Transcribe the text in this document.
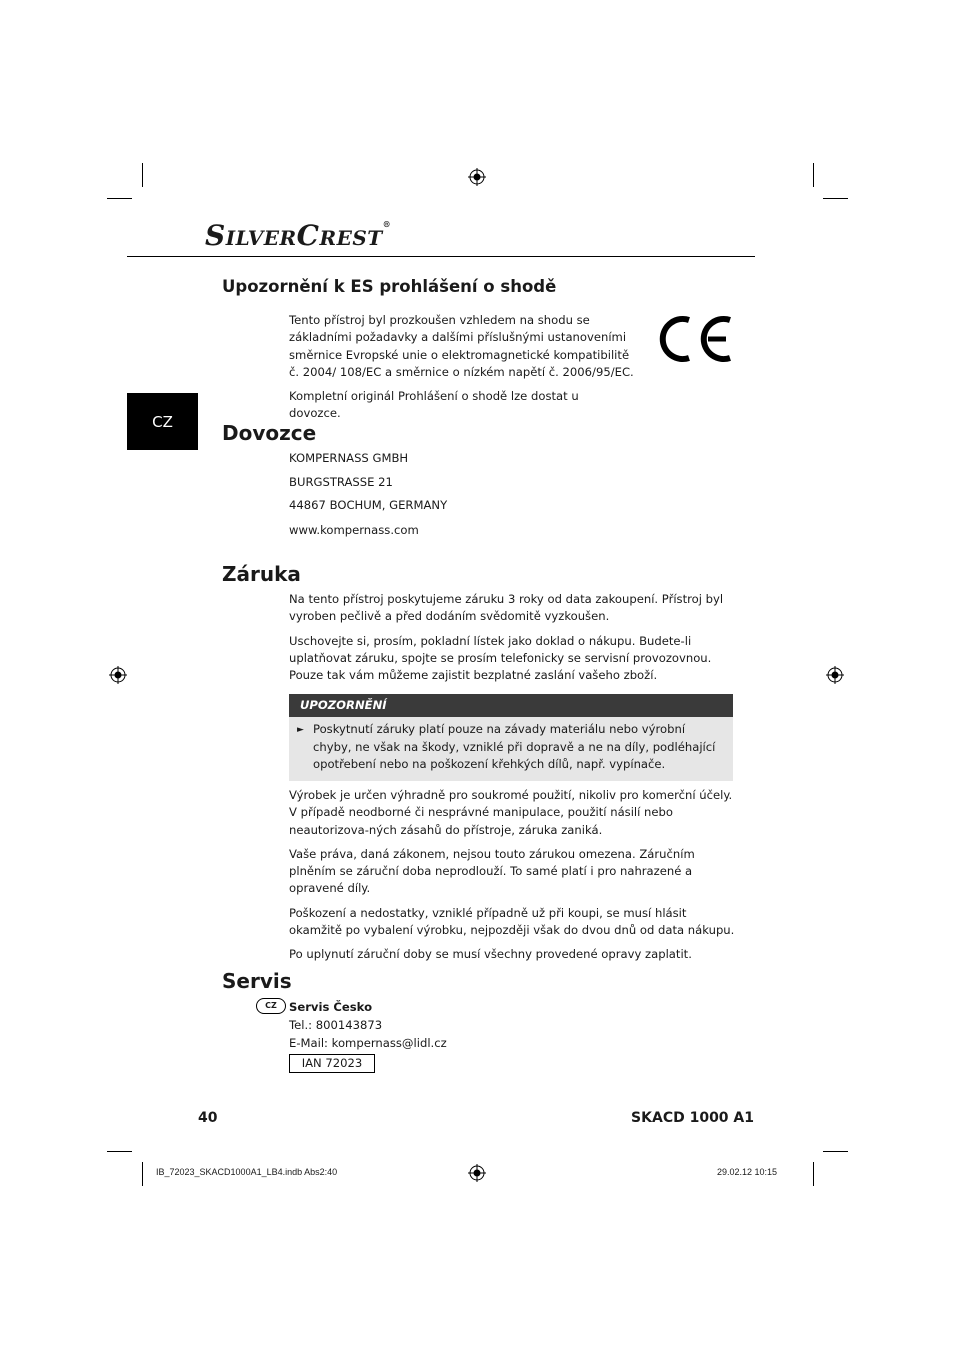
SILVERCREST®
CZ
Upozornění k ES prohlášení o shodě

Tento přístroj byl prozkoušen vzhledem na shodu se základními požadavky a dalšími příslušnými ustanoveními směrnice Evropské unie o elektromagnetické kompatibilitě č. 2004/ 108/EC a směrnice o nízkém napětí č. 2006/95/EC.

Kompletní originál Prohlášení o shodě lze dostat u dovozce.

Dovozce
KOMPERNASS GMBH
BURGSTRASSE 21
44867 BOCHUM, GERMANY
www.kompernass.com
Záruka

Na tento přístroj poskytujeme záruku 3 roky od data zakoupení. Přístroj byl vyroben pečlivě a před dodáním svědomitě vyzkoušen.

Uschovejte si, prosím, pokladní lístek jako doklad o nákupu. Budete-li uplatňovat záruku, spojte se prosím telefonicky se servisní provozovnou. Pouze tak vám můžeme zajistit bezplatné zaslání vašeho zboží.

UPOZORNĚNÍ
► Poskytnutí záruky platí pouze na závady materiálu nebo výrobní chyby, ne však na škody, vzniklé při dopravě a ne na díly, podléhající opotřebení nebo na poškození křehkých dílů, např. vypínače.

Výrobek je určen výhradně pro soukromé použití, nikoliv pro komerční účely. V případě neodborné či nesprávné manipulace, použití násilí nebo neautorizova-ných zásahů do přístroje, záruka zaniká.

Vaše práva, daná zákonem, nejsou touto zárukou omezena. Záručním plněním se záruční doba neprodlouží. To samé platí i pro nahrazené a opravené díly.

Poškození a nedostatky, vzniklé případně už při koupi, se musí hlásit okamžitě po vybalení výrobku, nejpozději však do dvou dnů od data nákupu.

Po uplynutí záruční doby se musí všechny provedené opravy zaplatit.

Servis
CZ	Servis Česko
Tel.: 800143873
E-Mail: kompernass@lidl.cz
IAN 72023
40	SKACD 1000 A1
IB_72023_SKACD1000A1_LB4.indb Abs2:40	29.02.12 10:15
